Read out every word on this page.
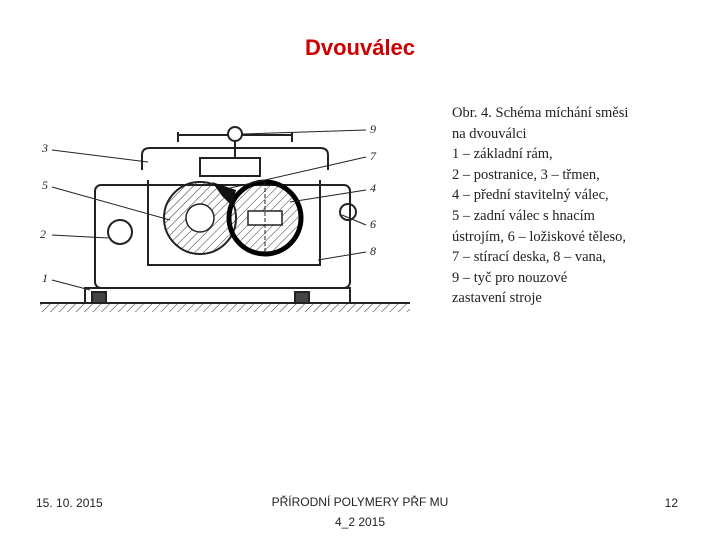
Dvouválec
1
2
3
4
5
6
7
8
9
Obr. 4. Schéma míchání směsi
na dvouválci
1 – základní rám,
2 – postranice, 3 – třmen,
4 – přední stavitelný válec,
5 – zadní válec s hnacím
ústrojím, 6 – ložiskové těleso,
7 – stírací deska, 8 – vana,
9 – tyč pro nouzové
zastavení stroje
15. 10. 2015	PŘÍRODNÍ POLYMERY PŘF MU
4_2 2015
12
